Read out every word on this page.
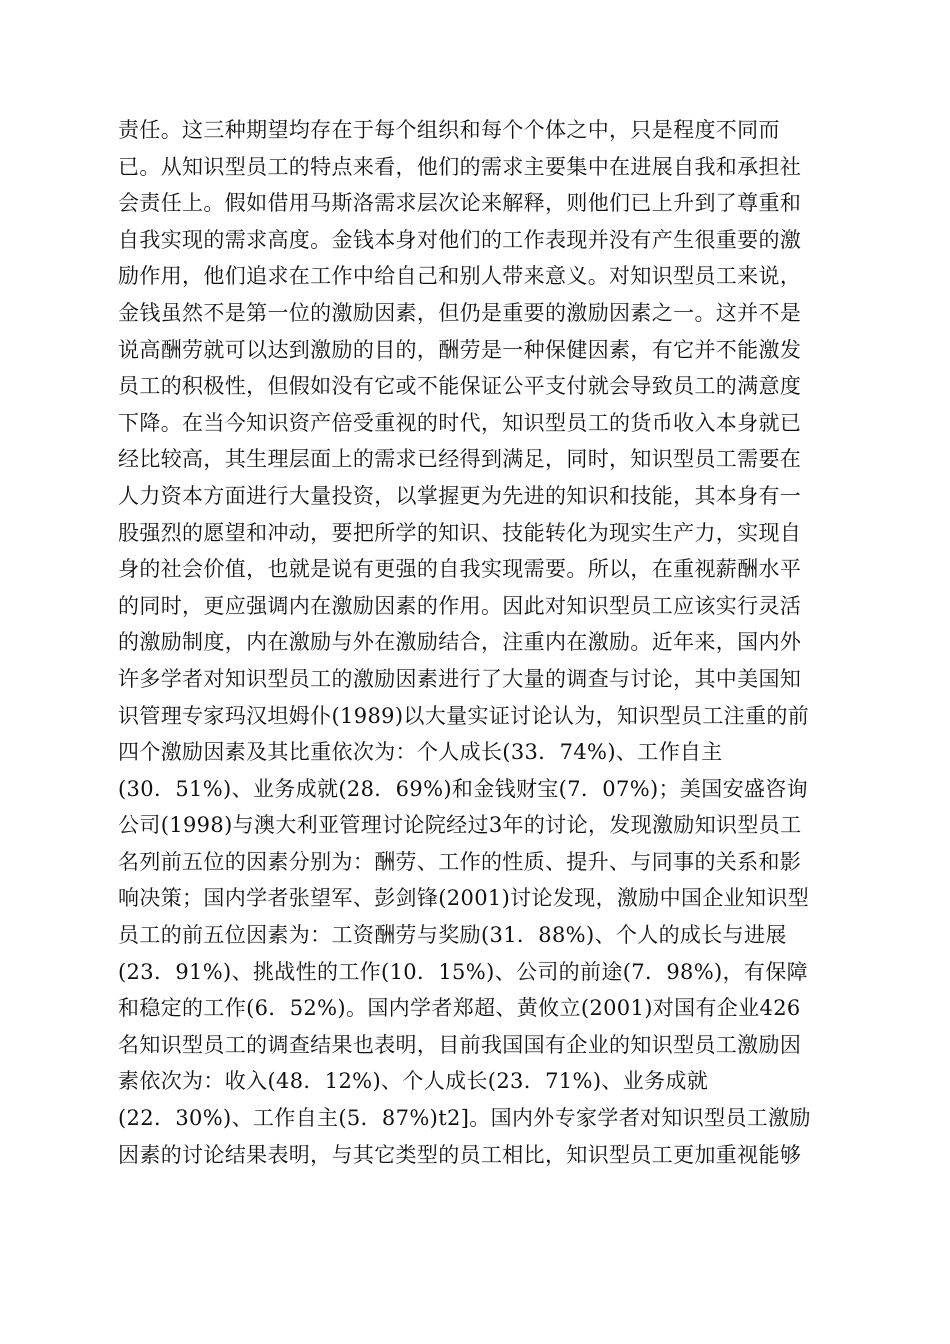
责任。这三种期望均存在于每个组织和每个个体之中，只是程度不同而
已。从知识型员工的特点来看，他们的需求主要集中在进展自我和承担社
会责任上。假如借用马斯洛需求层次论来解释，则他们已上升到了尊重和
自我实现的需求高度。金钱本身对他们的工作表现并没有产生很重要的激
励作用，他们追求在工作中给自己和别人带来意义。对知识型员工来说，
金钱虽然不是第一位的激励因素，但仍是重要的激励因素之一。这并不是
说高酬劳就可以达到激励的目的，酬劳是一种保健因素，有它并不能激发
员工的积极性，但假如没有它或不能保证公平支付就会导致员工的满意度
下降。在当今知识资产倍受重视的时代，知识型员工的货币收入本身就已
经比较高，其生理层面上的需求已经得到满足，同时，知识型员工需要在
人力资本方面进行大量投资，以掌握更为先进的知识和技能，其本身有一
股强烈的愿望和冲动，要把所学的知识、技能转化为现实生产力，实现自
身的社会价值，也就是说有更强的自我实现需要。所以，在重视薪酬水平
的同时，更应强调内在激励因素的作用。因此对知识型员工应该实行灵活
的激励制度，内在激励与外在激励结合，注重内在激励。近年来，国内外
许多学者对知识型员工的激励因素进行了大量的调查与讨论，其中美国知
识管理专家玛汉坦姆仆(1989)以大量实证讨论认为，知识型员工注重的前
四个激励因素及其比重依次为：个人成长(33．74%)、工作自主
(30．51%)、业务成就(28．69%)和金钱财宝(7．07%)；美国安盛咨询
公司(1998)与澳大利亚管理讨论院经过3年的讨论，发现激励知识型员工
名列前五位的因素分别为：酬劳、工作的性质、提升、与同事的关系和影
响决策；国内学者张望军、彭剑锋(2001)讨论发现，激励中国企业知识型
员工的前五位因素为：工资酬劳与奖励(31．88%)、个人的成长与进展
(23．91%)、挑战性的工作(10．15%)、公司的前途(7．98%)，有保障
和稳定的工作(6．52%)。国内学者郑超、黄攸立(2001)对国有企业426
名知识型员工的调查结果也表明，目前我国国有企业的知识型员工激励因
素依次为：收入(48．12%)、个人成长(23．71%)、业务成就
(22．30%)、工作自主(5．87%)t2]。国内外专家学者对知识型员工激励
因素的讨论结果表明，与其它类型的员工相比，知识型员工更加重视能够
